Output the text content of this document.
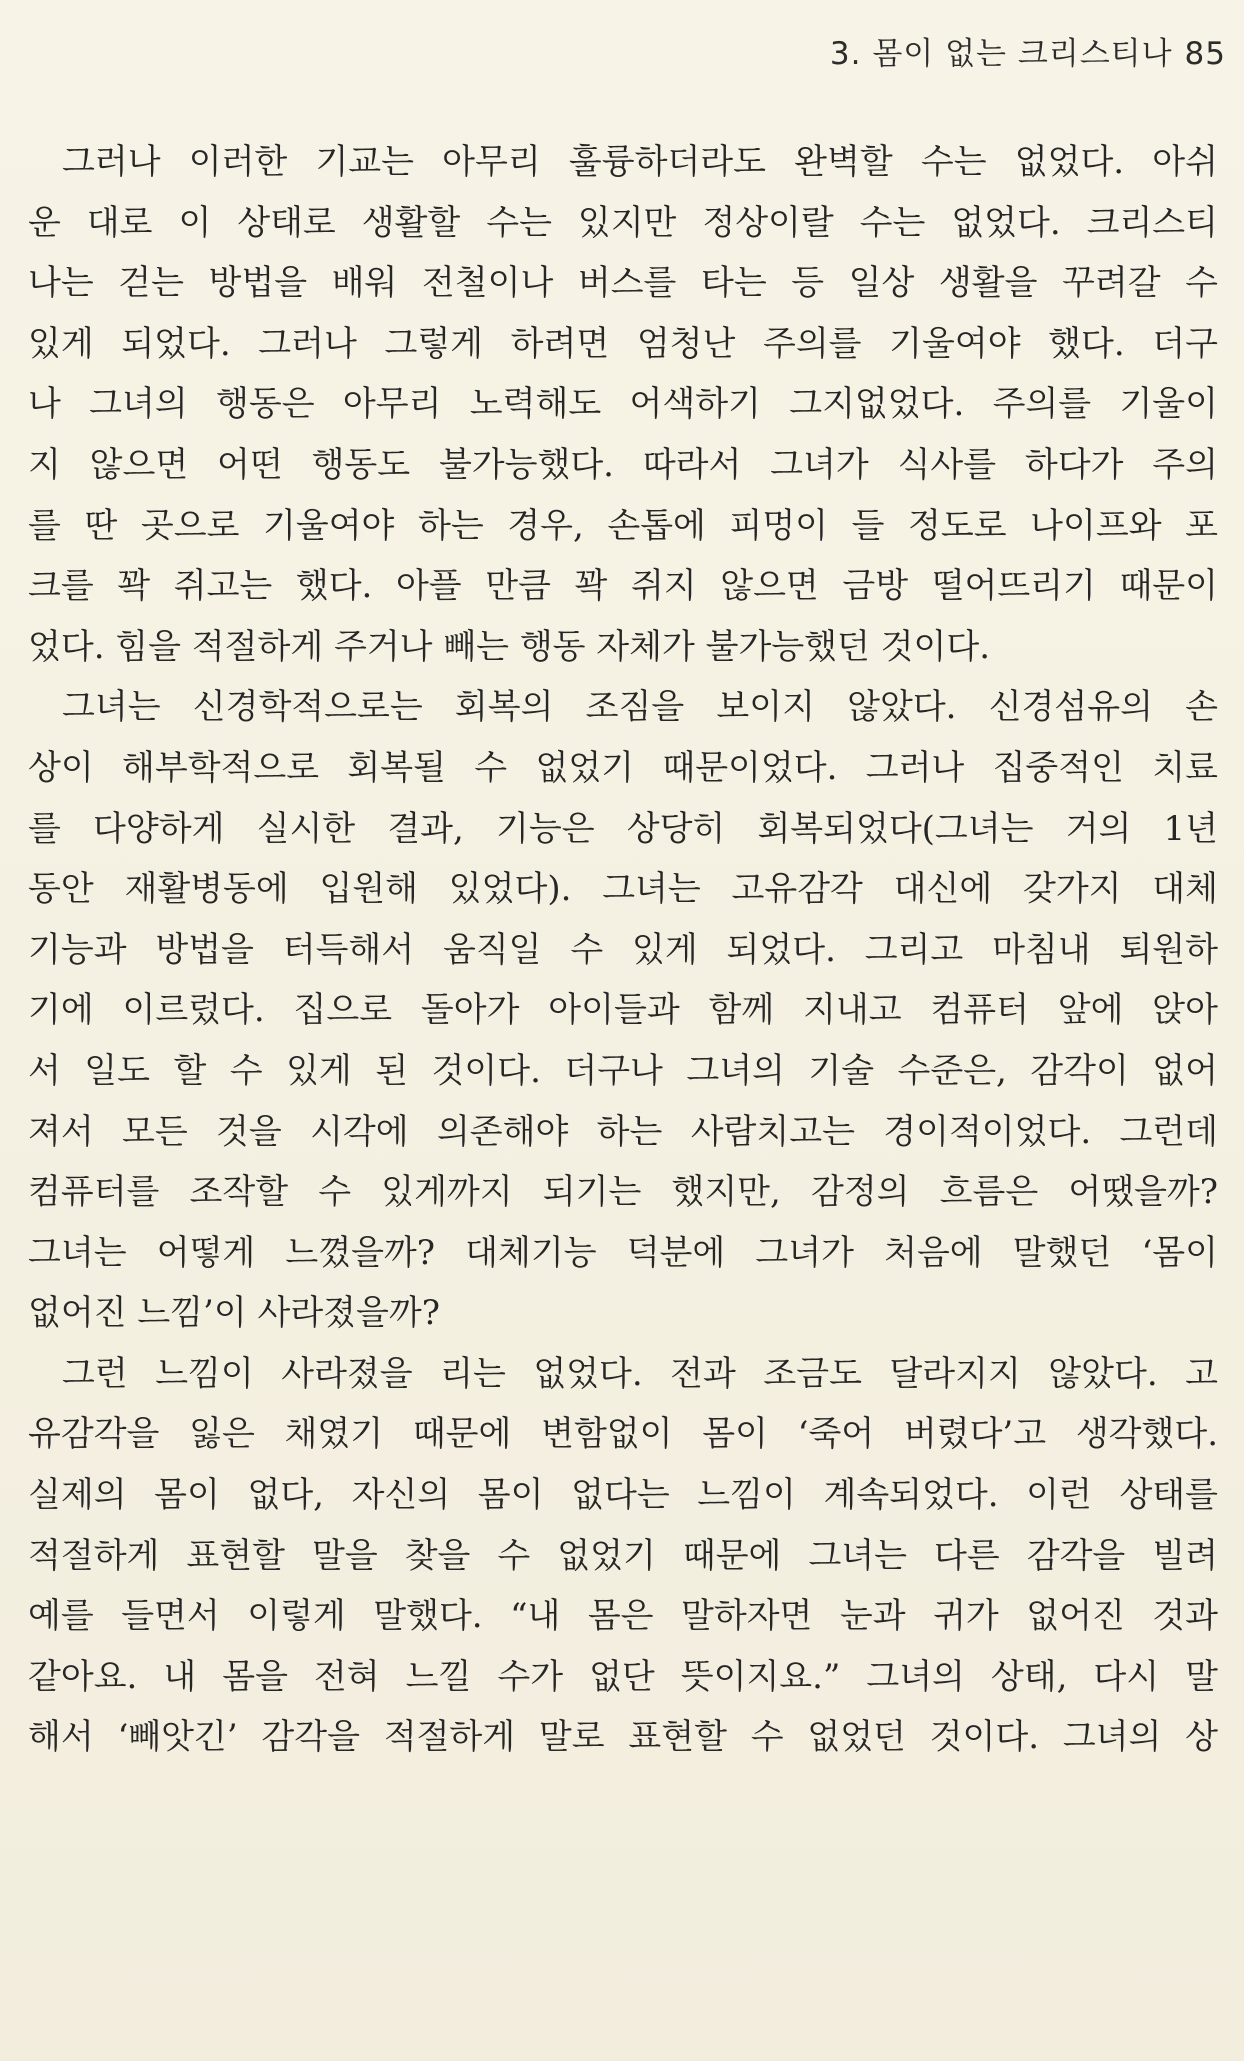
3. 몸이 없는 크리스티나 85
그러나 이러한 기교는 아무리 훌륭하더라도 완벽할 수는 없었다. 아쉬
운 대로 이 상태로 생활할 수는 있지만 정상이랄 수는 없었다. 크리스티
나는 걷는 방법을 배워 전철이나 버스를 타는 등 일상 생활을 꾸려갈 수
있게 되었다. 그러나 그렇게 하려면 엄청난 주의를 기울여야 했다. 더구
나 그녀의 행동은 아무리 노력해도 어색하기 그지없었다. 주의를 기울이
지 않으면 어떤 행동도 불가능했다. 따라서 그녀가 식사를 하다가 주의
를 딴 곳으로 기울여야 하는 경우, 손톱에 피멍이 들 정도로 나이프와 포
크를 꽉 쥐고는 했다. 아플 만큼 꽉 쥐지 않으면 금방 떨어뜨리기 때문이
었다. 힘을 적절하게 주거나 빼는 행동 자체가 불가능했던 것이다.
그녀는 신경학적으로는 회복의 조짐을 보이지 않았다. 신경섬유의 손
상이 해부학적으로 회복될 수 없었기 때문이었다. 그러나 집중적인 치료
를 다양하게 실시한 결과, 기능은 상당히 회복되었다(그녀는 거의 1년
동안 재활병동에 입원해 있었다). 그녀는 고유감각 대신에 갖가지 대체
기능과 방법을 터득해서 움직일 수 있게 되었다. 그리고 마침내 퇴원하
기에 이르렀다. 집으로 돌아가 아이들과 함께 지내고 컴퓨터 앞에 앉아
서 일도 할 수 있게 된 것이다. 더구나 그녀의 기술 수준은, 감각이 없어
져서 모든 것을 시각에 의존해야 하는 사람치고는 경이적이었다. 그런데
컴퓨터를 조작할 수 있게까지 되기는 했지만, 감정의 흐름은 어땠을까?
그녀는 어떻게 느꼈을까? 대체기능 덕분에 그녀가 처음에 말했던 ‘몸이
없어진 느낌’이 사라졌을까?
그런 느낌이 사라졌을 리는 없었다. 전과 조금도 달라지지 않았다. 고
유감각을 잃은 채였기 때문에 변함없이 몸이 ‘죽어 버렸다’고 생각했다.
실제의 몸이 없다, 자신의 몸이 없다는 느낌이 계속되었다. 이런 상태를
적절하게 표현할 말을 찾을 수 없었기 때문에 그녀는 다른 감각을 빌려
예를 들면서 이렇게 말했다. “내 몸은 말하자면 눈과 귀가 없어진 것과
같아요. 내 몸을 전혀 느낄 수가 없단 뜻이지요.” 그녀의 상태, 다시 말
해서 ‘빼앗긴’ 감각을 적절하게 말로 표현할 수 없었던 것이다. 그녀의 상
